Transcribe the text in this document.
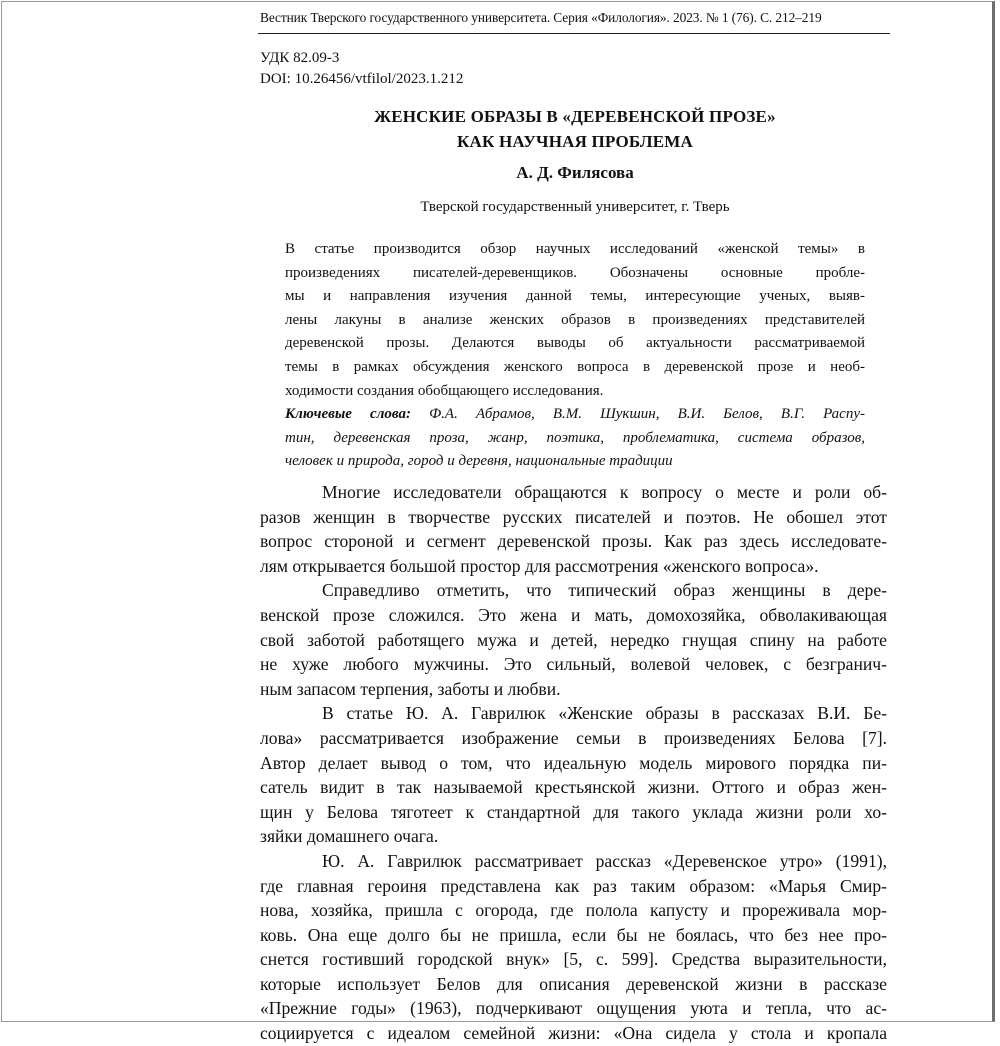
Вестник Тверского государственного университета. Серия «Филология». 2023. № 1 (76). С. 212–219
УДК 82.09-3
DOI: 10.26456/vtfilol/2023.1.212
ЖЕНСКИЕ ОБРАЗЫ В «ДЕРЕВЕНСКОЙ ПРОЗЕ»
КАК НАУЧНАЯ ПРОБЛЕМА
А. Д. Филясова
Тверской государственный университет, г. Тверь
В статье производится обзор научных исследований «женской темы» в
произведениях писателей-деревенщиков. Обозначены основные пробле-
мы и направления изучения данной темы, интересующие ученых, выяв-
лены лакуны в анализе женских образов в произведениях представителей
деревенской прозы. Делаются выводы об актуальности рассматриваемой
темы в рамках обсуждения женского вопроса в деревенской прозе и необ-
ходимости создания обобщающего исследования.
Ключевые слова: Ф.А. Абрамов, В.М. Шукшин, В.И. Белов, В.Г. Распу-
тин, деревенская проза, жанр, поэтика, проблематика, система образов,
человек и природа, город и деревня, национальные традиции
Многие исследователи обращаются к вопросу о месте и роли об-
разов женщин в творчестве русских писателей и поэтов. Не обошел этот
вопрос стороной и сегмент деревенской прозы. Как раз здесь исследовате-
лям открывается большой простор для рассмотрения «женского вопроса».
Справедливо отметить, что типический образ женщины в дере-
венской прозе сложился. Это жена и мать, домохозяйка, обволакивающая
свой заботой работящего мужа и детей, нередко гнущая спину на работе
не хуже любого мужчины. Это сильный, волевой человек, с безгранич-
ным запасом терпения, заботы и любви.
В статье Ю. А. Гаврилюк «Женские образы в рассказах В.И. Бе-
лова» рассматривается изображение семьи в произведениях Белова [7].
Автор делает вывод о том, что идеальную модель мирового порядка пи-
сатель видит в так называемой крестьянской жизни. Оттого и образ жен-
щин у Белова тяготеет к стандартной для такого уклада жизни роли хо-
зяйки домашнего очага.
Ю. А. Гаврилюк рассматривает рассказ «Деревенское утро» (1991),
где главная героиня представлена как раз таким образом: «Марья Смир-
нова, хозяйка, пришла с огорода, где полола капусту и прореживала мор-
ковь. Она еще долго бы не пришла, если бы не боялась, что без нее про-
снется гостивший городской внук» [5, с. 599]. Средства выразительности,
которые использует Белов для описания деревенской жизни в рассказе
«Прежние годы» (1963), подчеркивают ощущения уюта и тепла, что ас-
социируется с идеалом семейной жизни: «Она сидела у стола и кропала
